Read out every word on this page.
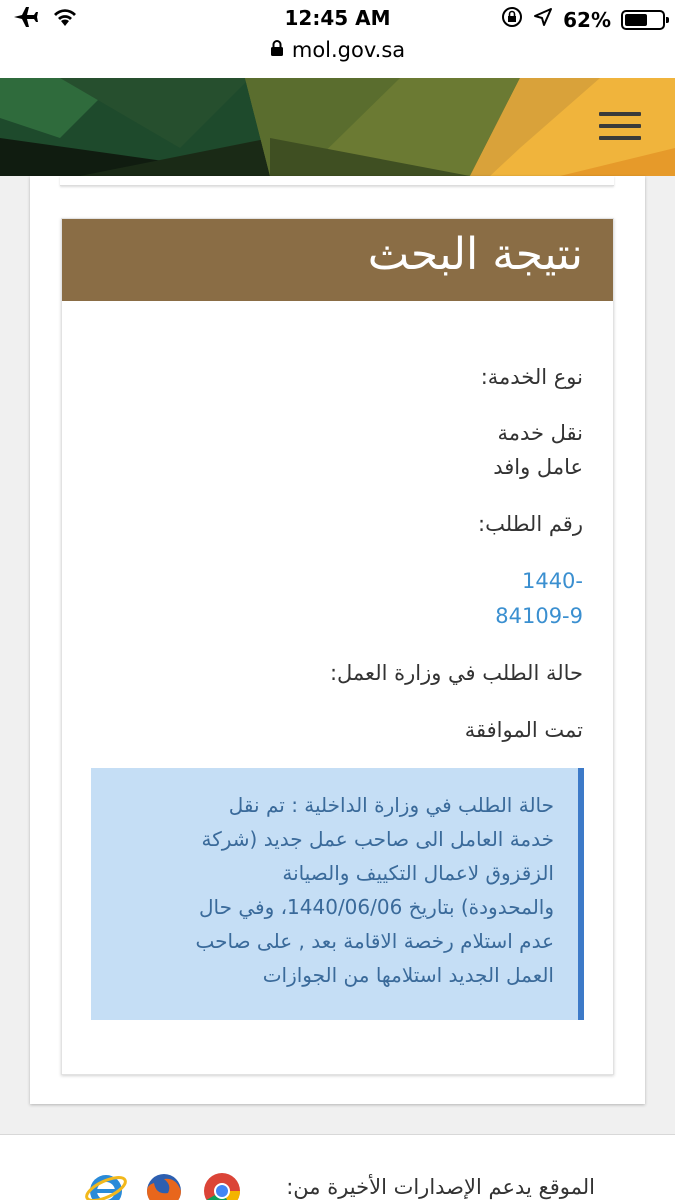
12:45 AM	62%
mol.gov.sa
نتيجة البحث
نوع الخدمة:
نقل خدمة
عامل وافد
رقم الطلب:
1440-
84109-9
حالة الطلب في وزارة العمل:
تمت الموافقة
حالة الطلب في وزارة الداخلية : تم نقل
خدمة العامل الى صاحب عمل جديد (شركة
الزقزوق لاعمال التكييف والصيانة
والمحدودة) بتاريخ 1440/06/06، وفي حال
عدم استلام رخصة الاقامة بعد , على صاحب
العمل الجديد استلامها من الجوازات
الموقع يدعم الإصدارات الأخيرة من:
